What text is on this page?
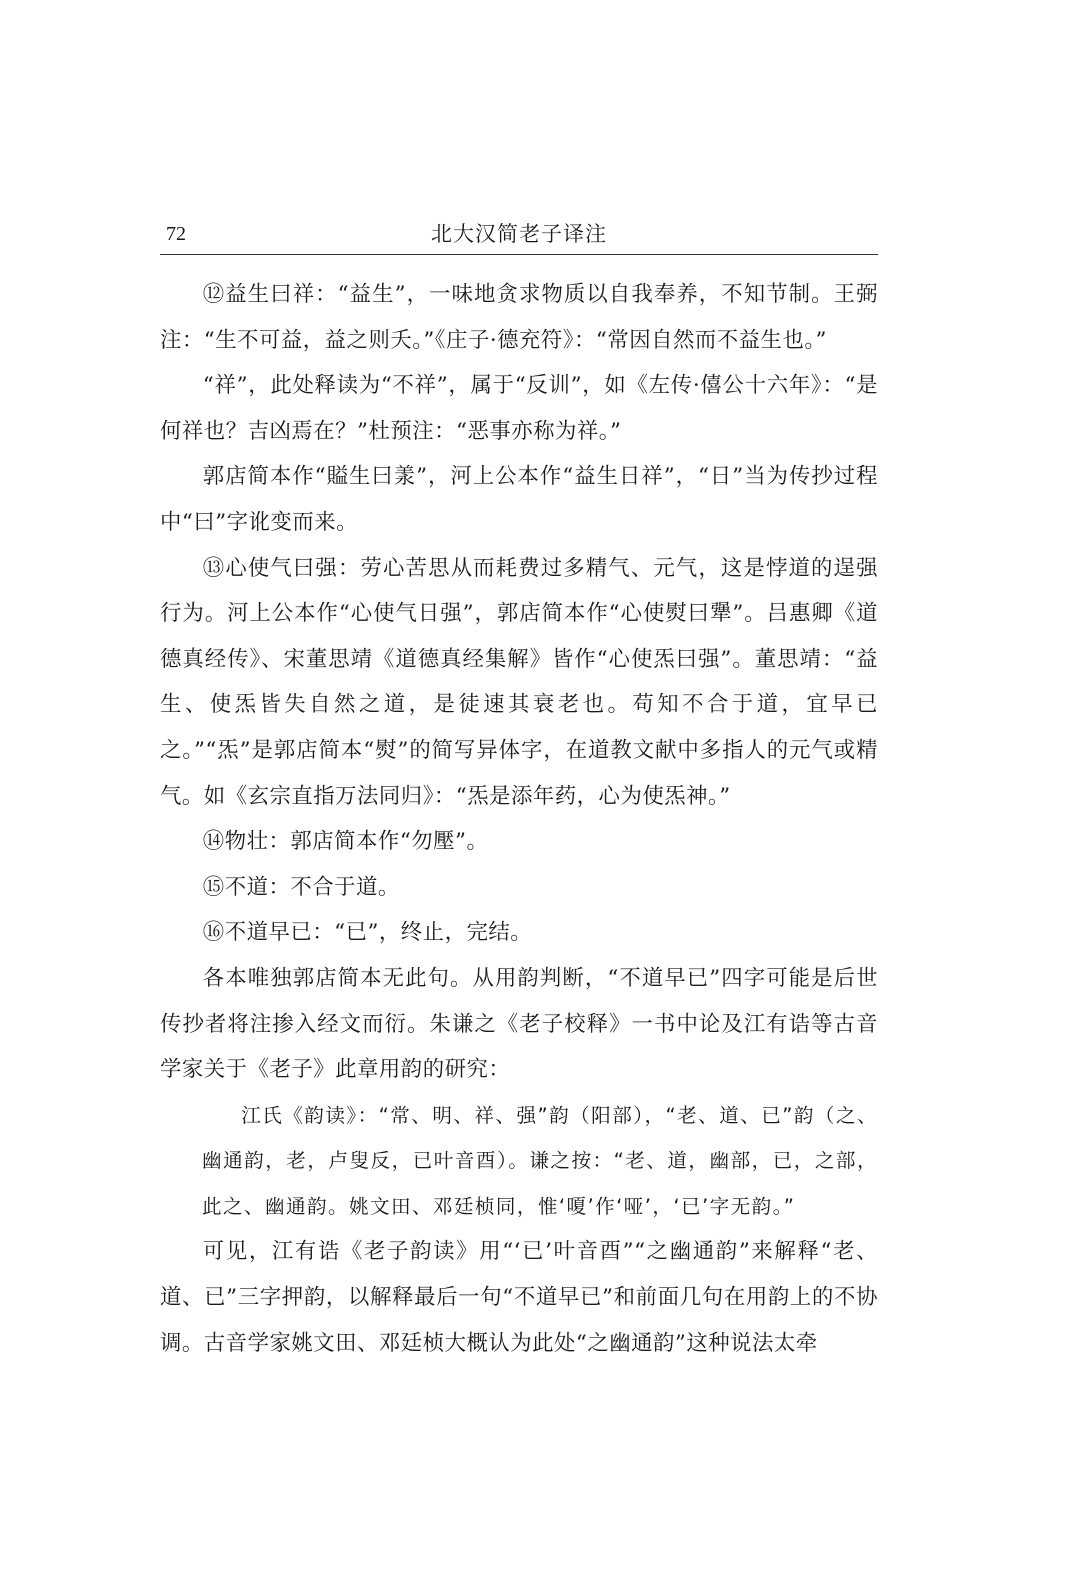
72	北大汉简老子译注

⑫益生曰祥：“益生”，一味地贪求物质以自我奉养，不知节制。王弼注：“生不可益，益之则夭。”《庄子·德充符》：“常因自然而不益生也。”

“祥”，此处释读为“不祥”，属于“反训”，如《左传·僖公十六年》：“是何祥也？吉凶焉在？”杜预注：“恶事亦称为祥。”

郭店简本作“賹生曰羕”，河上公本作“益生日祥”，“日”当为传抄过程中“曰”字讹变而来。

⑬心使气曰强：劳心苦思从而耗费过多精气、元气，这是悖道的逞强行为。河上公本作“心使气日强”，郭店简本作“心使熨曰犟”。吕惠卿《道德真经传》、宋董思靖《道德真经集解》皆作“心使炁曰强”。董思靖：“益生、使炁皆失自然之道，是徒速其衰老也。苟知不合于道，宜早已之。”“炁”是郭店简本“熨”的简写异体字，在道教文献中多指人的元气或精气。如《玄宗直指万法同归》：“炁是添年药，心为使炁神。”

⑭物壮：郭店简本作“勿壓”。

⑮不道：不合于道。

⑯不道早已：“已”，终止，完结。

各本唯独郭店简本无此句。从用韵判断，“不道早已”四字可能是后世传抄者将注掺入经文而衍。朱谦之《老子校释》一书中论及江有诰等古音学家关于《老子》此章用韵的研究：

江氏《韵读》：“常、明、祥、强”韵（阳部），“老、道、已”韵（之、幽通韵，老，卢叟反，已叶音酉）。谦之按：“老、道，幽部，已，之部，此之、幽通韵。姚文田、邓廷桢同，惟‘嗄’作‘哑’，‘已’字无韵。”

可见，江有诰《老子韵读》用“‘已’叶音酉”“之幽通韵”来解释“老、道、已”三字押韵，以解释最后一句“不道早已”和前面几句在用韵上的不协调。古音学家姚文田、邓廷桢大概认为此处“之幽通韵”这种说法太牵
